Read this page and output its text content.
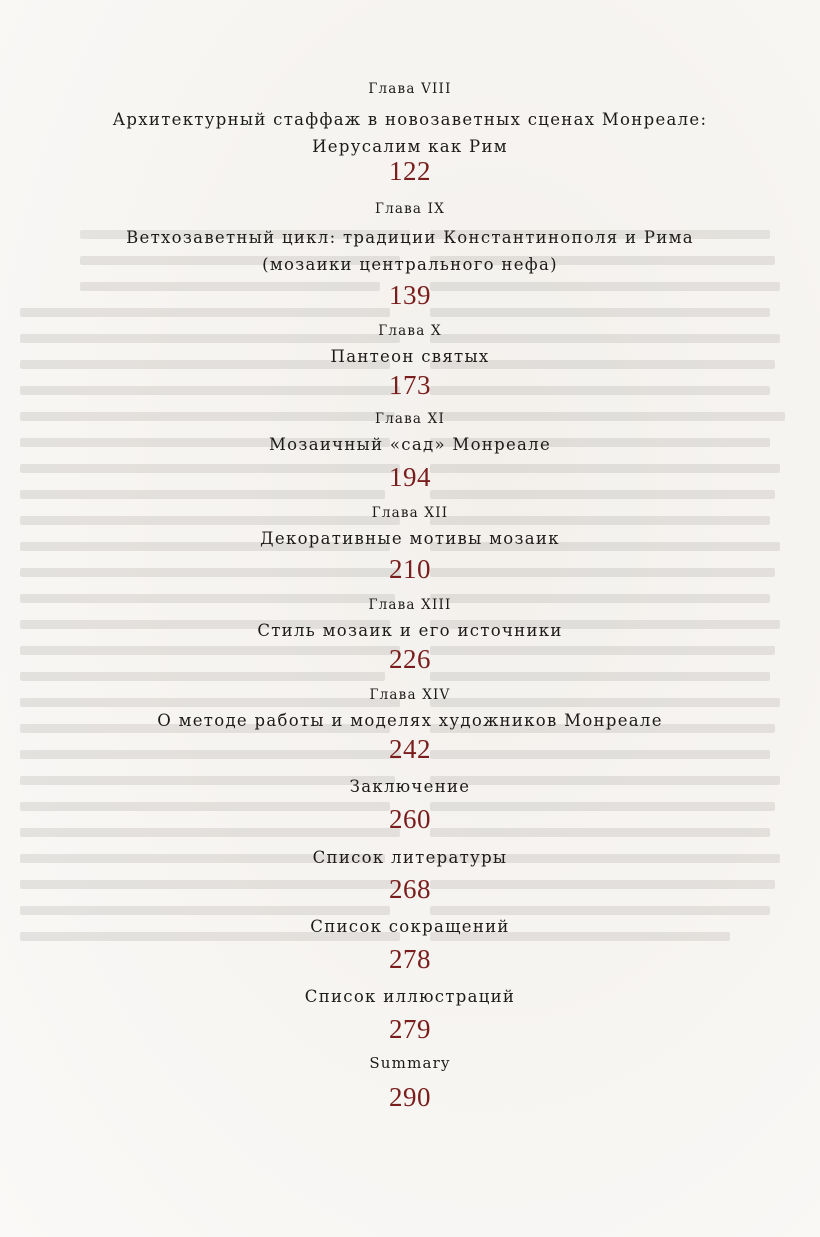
Глава VIII
Архитектурный стаффаж в новозаветных сценах Монреале:
Иерусалим как Рим
122
Глава IX
Ветхозаветный цикл: традиции Константинополя и Рима
(мозаики центрального нефа)
139
Глава X
Пантеон святых
173
Глава XI
Мозаичный «сад» Монреале
194
Глава XII
Декоративные мотивы мозаик
210
Глава XIII
Стиль мозаик и его источники
226
Глава XIV
О методе работы и моделях художников Монреале
242
Заключение
260
Список литературы
268
Список сокращений
278
Список иллюстраций
279
Summary
290
